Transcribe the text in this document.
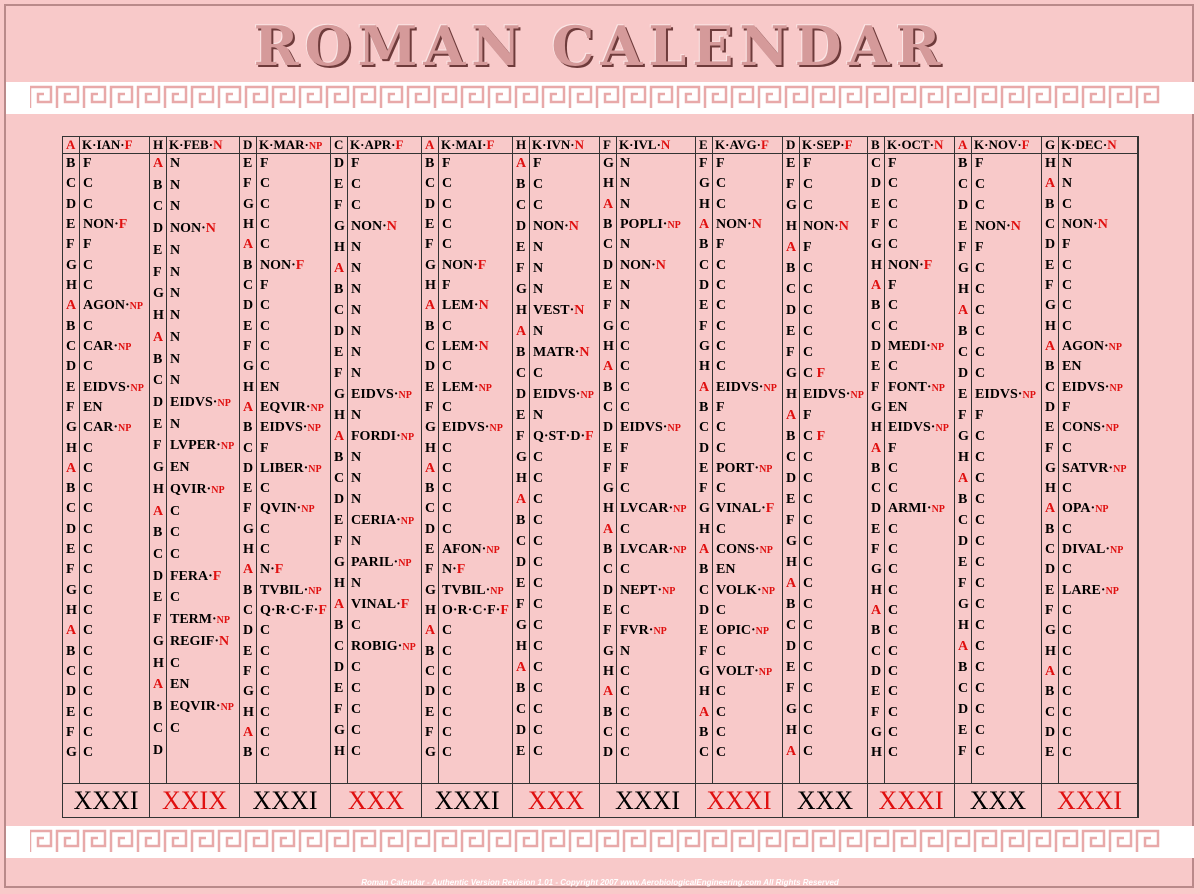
ROMAN CALENDAR
A K·IAN·F
B F
C C
D C
E NON·F
F F
G C
H C
A AGON·NP
B C
C CAR·NP
D C
E EIDVS·NP
F EN
G CAR·NP
H C
A C
B C
C C
D C
E C
F C
G C
H C
A C
B C
C C
D C
E C
F C
G C
XXXI
H K·FEB·N
A N
B N
C N
D NON·N
E N
F N
G N
H N
A N
B N
C N
D EIDVS·NP
E N
F LVPER·NP
G EN
H QVIR·NP
A C
B C
C C
D FERA·F
E C
F TERM·NP
G REGIF·N
H C
A EN
B EQVIR·NP
C C
D
XXIX
D K·MAR·NP
E F
F C
G C
H C
A C
B NON·F
C F
D C
E C
F C
G C
H EN
A EQVIR·NP
B EIDVS·NP
C F
D LIBER·NP
E C
F QVIN·NP
G C
H C
A N·F
B TVBIL·NP
C Q·R·C·F·F
D C
E C
F C
G C
H C
A C
B C
XXXI
C K·APR·F
D F
E C
F C
G NON·N
H N
A N
B N
C N
D N
E N
F N
G EIDVS·NP
H N
A FORDI·NP
B N
C N
D N
E CERIA·NP
F N
G PARIL·NP
H N
A VINAL·F
B C
C ROBIG·NP
D C
E C
F C
G C
H C
XXX
A K·MAI·F
B F
C C
D C
E C
F C
G NON·F
H F
A LEM·N
B C
C LEM·N
D C
E LEM·NP
F C
G EIDVS·NP
H C
A C
B C
C C
D C
E AFON·NP
F N·F
G TVBIL·NP
H O·R·C·F·F
A C
B C
C C
D C
E C
F C
G C
XXXI
H K·IVN·N
A F
B C
C C
D NON·N
E N
F N
G N
H VEST·N
A N
B MATR·N
C C
D EIDVS·NP
E N
F Q·ST·D·F
G C
H C
A C
B C
C C
D C
E C
F C
G C
H C
A C
B C
C C
D C
E C
XXX
F K·IVL·N
G N
H N
A N
B POPLI·NP
C N
D NON·N
E N
F N
G C
H C
A C
B C
C C
D EIDVS·NP
E F
F F
G C
H LVCAR·NP
A C
B LVCAR·NP
C C
D NEPT·NP
E C
F FVR·NP
G N
H C
A C
B C
C C
D C
XXXI
E K·AVG·F
F F
G C
H C
A NON·N
B F
C C
D C
E C
F C
G C
H C
A EIDVS·NP
B F
C C
D C
E PORT·NP
F C
G VINAL·F
H C
A CONS·NP
B EN
C VOLK·NP
D C
E OPIC·NP
F C
G VOLT·NP
H C
A C
B C
C C
XXXI
D K·SEP·F
E F
F C
G C
H NON·N
A F
B C
C C
D C
E C
F C
G C F
H EIDVS·NP
A F
B C F
C C
D C
E C
F C
G C
H C
A C
B C
C C
D C
E C
F C
G C
H C
A C
XXX
B K·OCT·N
C F
D C
E C
F C
G C
H NON·F
A F
B C
C C
D MEDI·NP
E C
F FONT·NP
G EN
H EIDVS·NP
A F
B C
C C
D ARMI·NP
E C
F C
G C
H C
A C
B C
C C
D C
E C
F C
G C
H C
XXXI
A K·NOV·F
B F
C C
D C
E NON·N
F F
G C
H C
A C
B C
C C
D C
E EIDVS·NP
F F
G C
H C
A C
B C
C C
D C
E C
F C
G C
H C
A C
B C
C C
D C
E C
F C
XXX
G K·DEC·N
H N
A N
B C
C NON·N
D F
E C
F C
G C
H C
A AGON·NP
B EN
C EIDVS·NP
D F
E CONS·NP
F C
G SATVR·NP
H C
A OPA·NP
B C
C DIVAL·NP
D C
E LARE·NP
F C
G C
H C
A C
B C
C C
D C
E C
XXXI
Roman Calendar - Authentic Version Revision 1.01 - Copyright 2007 www.AerobiologicalEngineering.com All Rights Reserved
